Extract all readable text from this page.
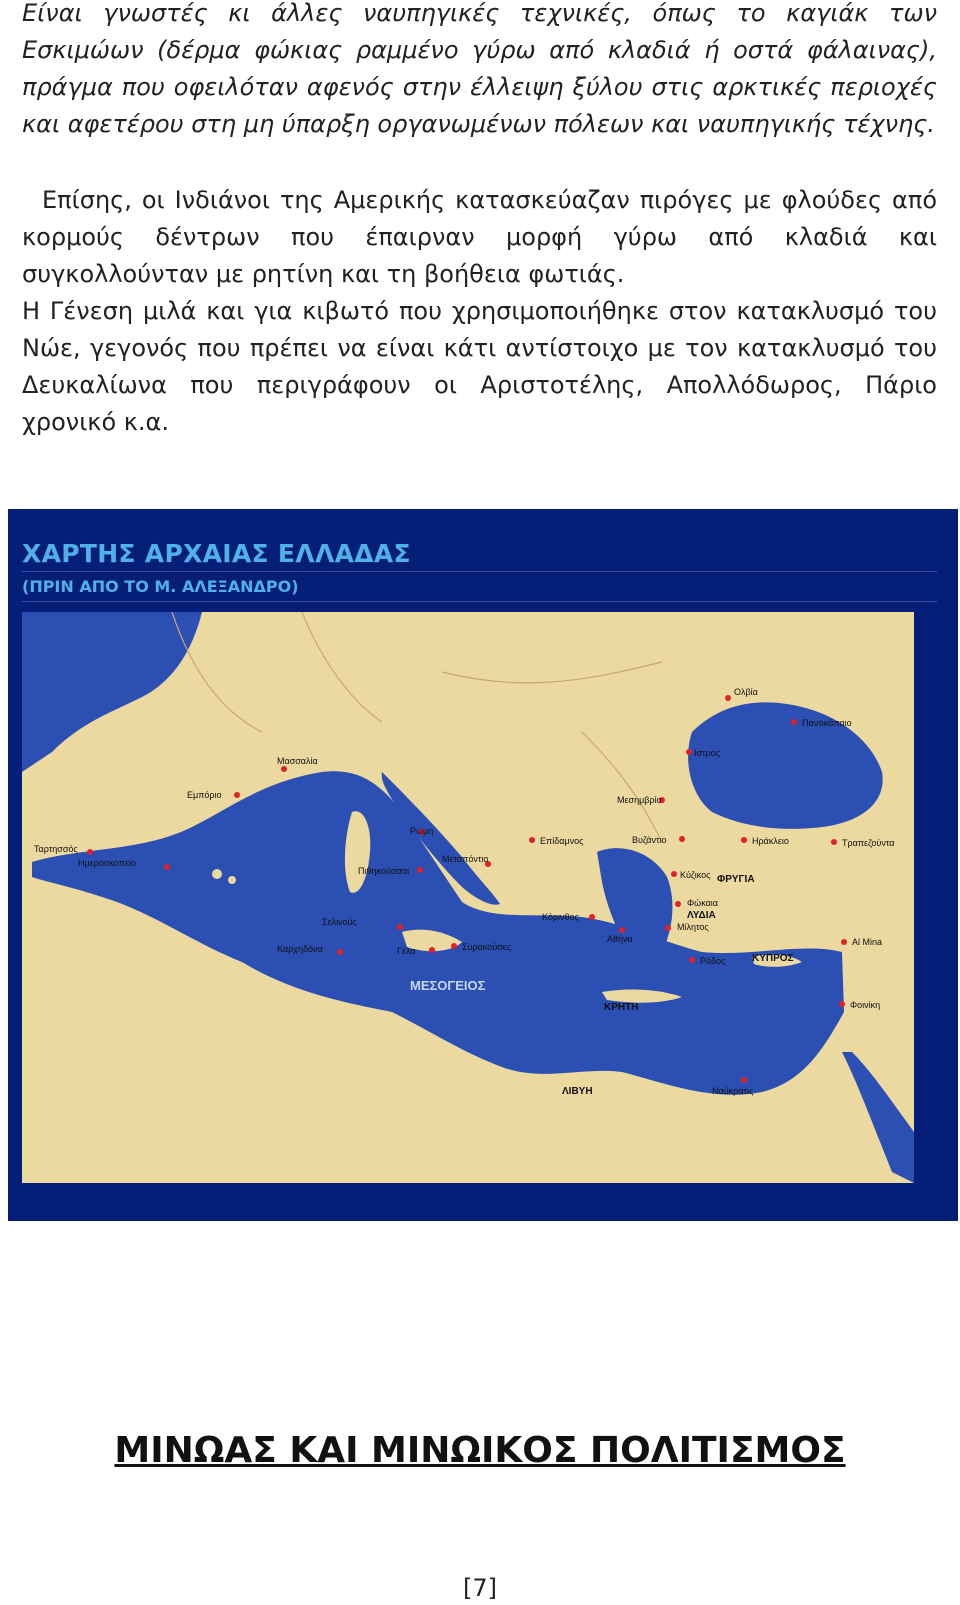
Είναι γνωστές κι άλλες ναυπηγικές τεχνικές, όπως το καγιάκ των Εσκιμώων (δέρμα φώκιας ραμμένο γύρω από κλαδιά ή οστά φάλαινας), πράγμα που οφειλόταν αφενός στην έλλειψη ξύλου στις αρκτικές περιοχές και αφετέρου στη μη ύπαρξη οργανωμένων πόλεων και ναυπηγικής τέχνης.

Επίσης, οι Ινδιάνοι της Αμερικής κατασκεύαζαν πιρόγες με φλούδες από κορμούς δέντρων που έπαιρναν μορφή γύρω από κλαδιά και συγκολλούνταν με ρητίνη και τη βοήθεια φωτιάς.

Η Γένεση μιλά και για κιβωτό που χρησιμοποιήθηκε στον κατακλυσμό του Νώε, γεγονός που πρέπει να είναι κάτι αντίστοιχο με τον κατακλυσμό του Δευκαλίωνα που περιγράφουν οι Αριστοτέλης, Απολλόδωρος, Πάριο χρονικό κ.α.

ΧΑΡΤΗΣ ΑΡΧΑΙΑΣ ΕΛΛΑΔΑΣ
(ΠΡΙΝ ΑΠΟ ΤΟ Μ. ΑΛΕΞΑΝΔΡΟ)
Ολβία
Παντικάπαιο
Ιστρος
Μασσαλία
Εμπόριο	Μεσημβρία
Ρώμη
Επίδαμνος	Βυζάντιο	Ηράκλειο	Τραπεζούντα
Ταρτησσός
Ημεροσκοπείο
Πιθηκούσσαι
Μεταπόντιο
Κύζικος ΦΡΥΓΙΑ
Φώκαια
ΛΥΔΙΑ
Μίλητος
Σελινούς	Κόρινθος
Αθήνα
Καρχηδόνα	Γέλα	Συρακούσες
Ρόδος	ΚΥΠΡΟΣ
Al Mina
ΜΕΣΟΓΕΙΟΣ
ΚΡΗΤΗ	Φοινίκη
ΛΙΒΥΗ	Ναύκρατις
ΜΙΝΩΑΣ ΚΑΙ ΜΙΝΩΙΚΟΣ ΠΟΛΙΤΙΣΜΟΣ
[7]
